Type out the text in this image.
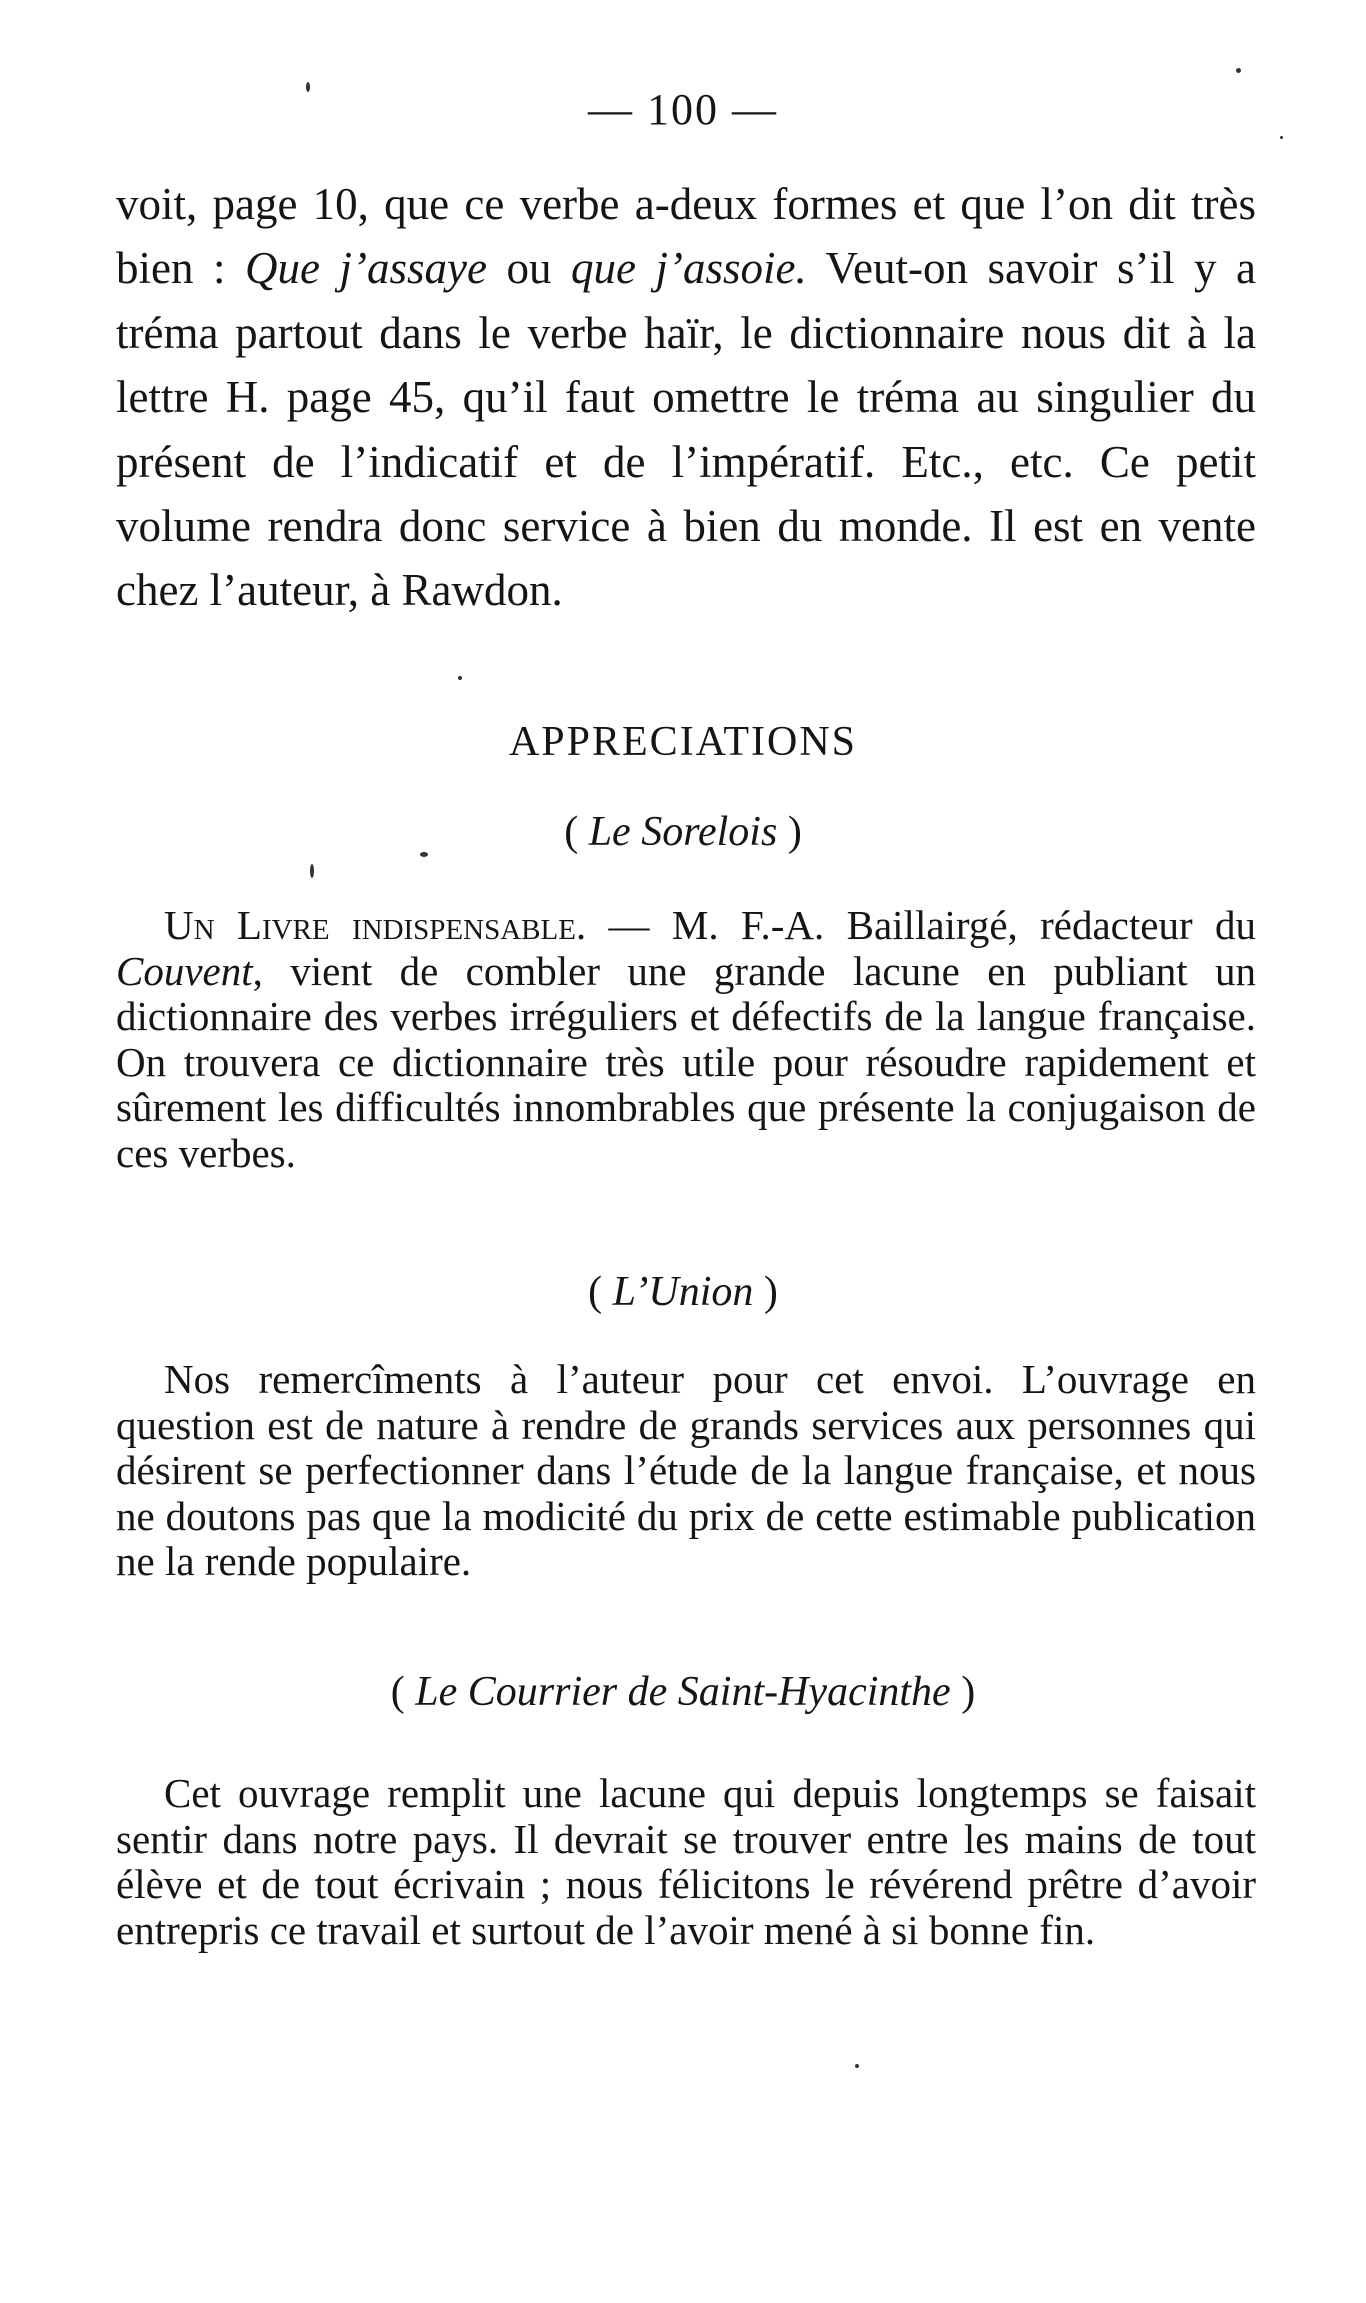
— 100 —

voit, page 10, que ce verbe a-deux formes et que l’on dit très bien : Que j’assaye ou que j’assoie. Veut-on savoir s’il y a tréma partout dans le verbe haïr, le dictionnaire nous dit à la lettre H. page 45, qu’il faut omettre le tréma au singulier du présent de l’indicatif et de l’impératif. Etc., etc. Ce petit volume rendra donc service à bien du monde. Il est en vente chez l’auteur, à Rawdon.

APPRECIATIONS
( Le Sorelois )

Un Livre indispensable. — M. F.-A. Baillairgé, rédacteur du Couvent, vient de combler une grande lacune en publiant un dictionnaire des verbes irréguliers et défectifs de la langue française. On trouvera ce dictionnaire très utile pour résoudre rapidement et sûrement les difficultés innombrables que présente la conjugaison de ces verbes.

( L’Union )

Nos remercîments à l’auteur pour cet envoi. L’ouvrage en question est de nature à rendre de grands services aux personnes qui désirent se perfectionner dans l’étude de la langue française, et nous ne doutons pas que la modicité du prix de cette estimable publication ne la rende populaire.

( Le Courrier de Saint-Hyacinthe )

Cet ouvrage remplit une lacune qui depuis longtemps se faisait sentir dans notre pays. Il devrait se trouver entre les mains de tout élève et de tout écrivain ; nous félicitons le révérend prêtre d’avoir entrepris ce travail et surtout de l’avoir mené à si bonne fin.
